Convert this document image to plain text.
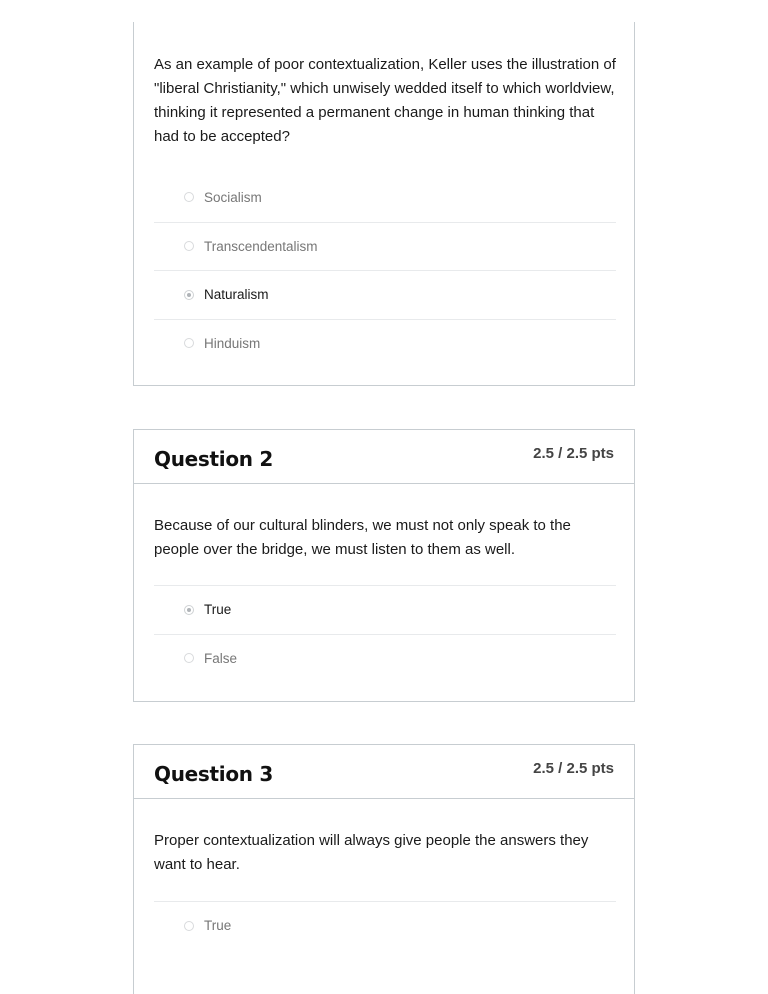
As an example of poor contextualization, Keller uses the illustration of "liberal Christianity," which unwisely wedded itself to which worldview, thinking it represented a permanent change in human thinking that had to be accepted?

Socialism
Transcendentalism
Naturalism
Hinduism
Question 2	2.5 / 2.5 pts

Because of our cultural blinders, we must not only speak to the people over the bridge, we must listen to them as well.

True
False
Question 3	2.5 / 2.5 pts

Proper contextualization will always give people the answers they want to hear.

True
